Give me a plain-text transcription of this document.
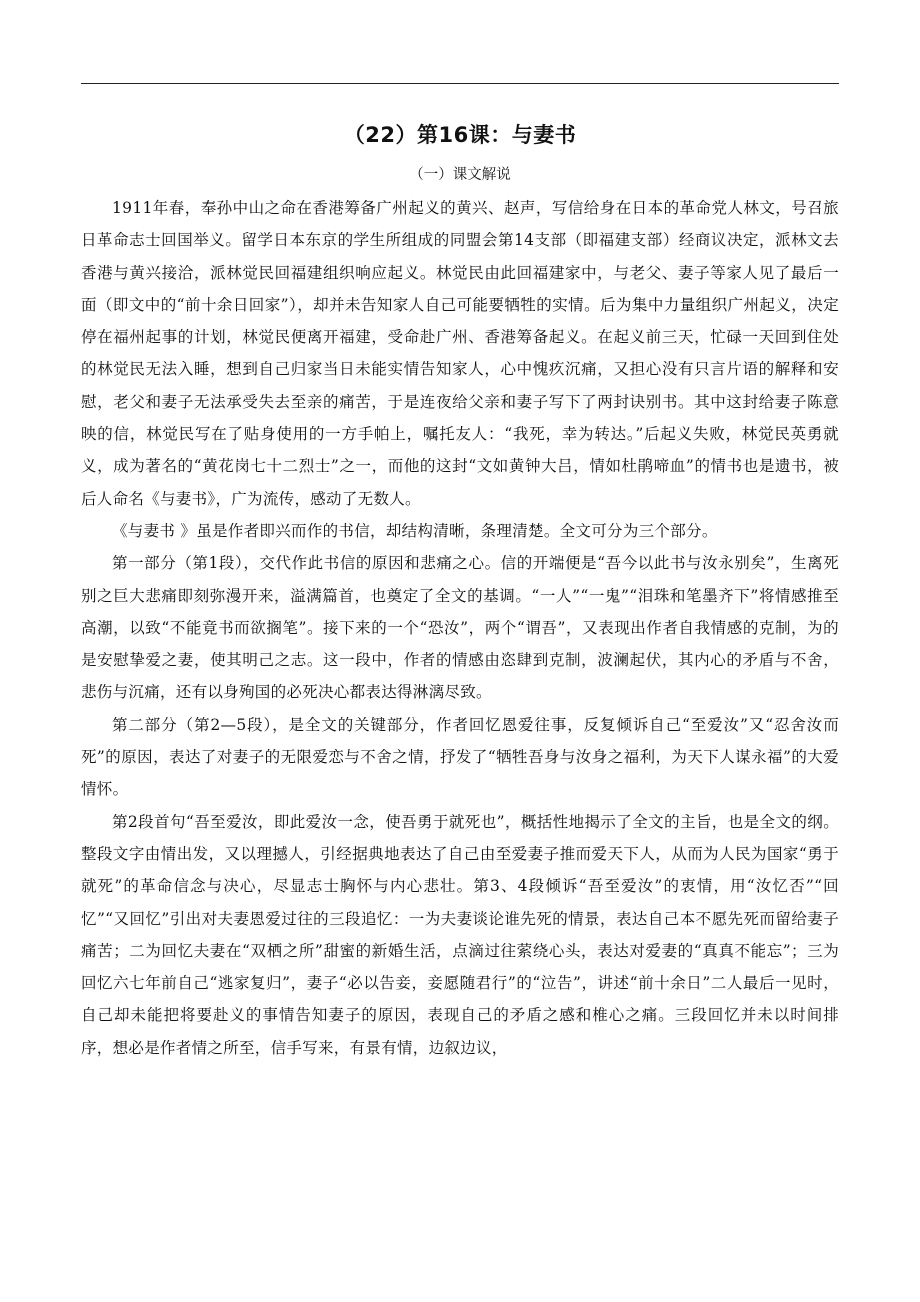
（22）第16课：与妻书
（一）课文解说

1911年春，奉孙中山之命在香港筹备广州起义的黄兴、赵声，写信给身在日本的革命党人林文，号召旅日革命志士回国举义。留学日本东京的学生所组成的同盟会第14支部（即福建支部）经商议决定，派林文去香港与黄兴接洽，派林觉民回福建组织响应起义。林觉民由此回福建家中，与老父、妻子等家人见了最后一面（即文中的“前十余日回家”），却并未告知家人自己可能要牺牲的实情。后为集中力量组织广州起义，决定停在福州起事的计划，林觉民便离开福建，受命赴广州、香港筹备起义。在起义前三天，忙碌一天回到住处的林觉民无法入睡，想到自己归家当日未能实情告知家人，心中愧疚沉痛，又担心没有只言片语的解释和安慰，老父和妻子无法承受失去至亲的痛苦，于是连夜给父亲和妻子写下了两封诀别书。其中这封给妻子陈意映的信，林觉民写在了贴身使用的一方手帕上，嘱托友人：“我死，幸为转达。”后起义失败，林觉民英勇就义，成为著名的“黄花岗七十二烈士”之一，而他的这封“文如黄钟大吕，情如杜鹃啼血”的情书也是遗书，被后人命名《与妻书》，广为流传，感动了无数人。

《与妻书 》虽是作者即兴而作的书信，却结构清晰，条理清楚。全文可分为三个部分。

第一部分（第1段），交代作此书信的原因和悲痛之心。信的开端便是“吾今以此书与汝永别矣”，生离死别之巨大悲痛即刻弥漫开来，溢满篇首，也奠定了全文的基调。“一人”“一鬼”“泪珠和笔墨齐下”将情感推至高潮，以致“不能竟书而欲搁笔”。接下来的一个“恐汝”，两个“谓吾”，又表现出作者自我情感的克制，为的是安慰挚爱之妻，使其明己之志。这一段中，作者的情感由恣肆到克制，波澜起伏，其内心的矛盾与不舍，悲伤与沉痛，还有以身殉国的必死决心都表达得淋漓尽致。

第二部分（第2—5段），是全文的关键部分，作者回忆恩爱往事，反复倾诉自己“至爱汝”又“忍舍汝而死”的原因，表达了对妻子的无限爱恋与不舍之情，抒发了“牺牲吾身与汝身之福利，为天下人谋永福”的大爱情怀。

第2段首句“吾至爱汝，即此爱汝一念，使吾勇于就死也”，概括性地揭示了全文的主旨，也是全文的纲。整段文字由情出发，又以理撼人，引经据典地表达了自己由至爱妻子推而爱天下人，从而为人民为国家“勇于就死”的革命信念与决心，尽显志士胸怀与内心悲壮。第3、4段倾诉“吾至爱汝”的衷情，用“汝忆否”“回忆”“又回忆”引出对夫妻恩爱过往的三段追忆：一为夫妻谈论谁先死的情景，表达自己本不愿先死而留给妻子痛苦；二为回忆夫妻在“双栖之所”甜蜜的新婚生活，点滴过往萦绕心头，表达对爱妻的“真真不能忘”；三为回忆六七年前自己“逃家复归”，妻子“必以告妾，妾愿随君行”的“泣告”，讲述“前十余日”二人最后一见时，自己却未能把将要赴义的事情告知妻子的原因，表现自己的矛盾之感和椎心之痛。三段回忆并未以时间排序，想必是作者情之所至，信手写来，有景有情，边叙边议，
